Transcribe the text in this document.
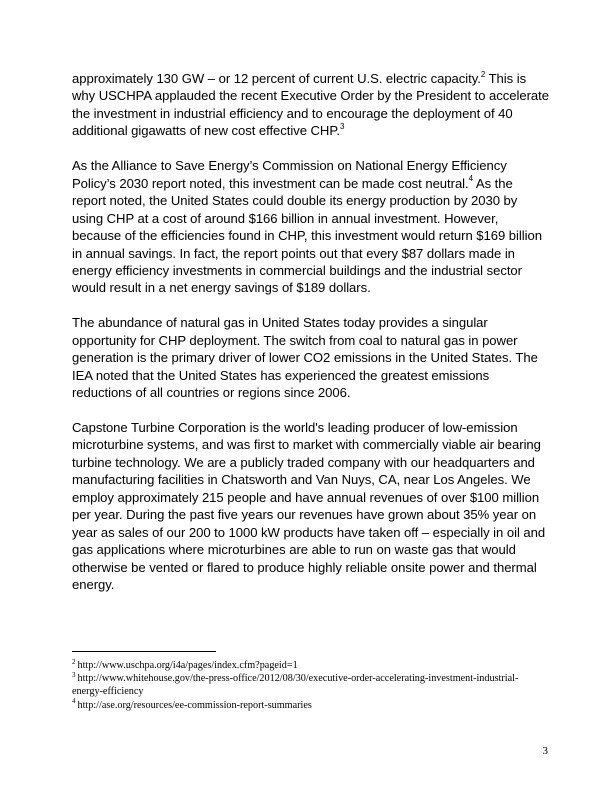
approximately 130 GW – or 12 percent of current U.S. electric capacity.$^2$ This is why USCHPA applauded the recent Executive Order by the President to accelerate the investment in industrial efficiency and to encourage the deployment of 40 additional gigawatts of new cost effective CHP.$^3$

As the Alliance to Save Energy’s Commission on National Energy Efficiency Policy’s 2030 report noted, this investment can be made cost neutral.$^4$ As the report noted, the United States could double its energy production by 2030 by using CHP at a cost of around $166 billion in annual investment. However, because of the efficiencies found in CHP, this investment would return $169 billion in annual savings. In fact, the report points out that every $87 dollars made in energy efficiency investments in commercial buildings and the industrial sector would result in a net energy savings of $189 dollars.

The abundance of natural gas in United States today provides a singular opportunity for CHP deployment. The switch from coal to natural gas in power generation is the primary driver of lower CO2 emissions in the United States. The IEA noted that the United States has experienced the greatest emissions reductions of all countries or regions since 2006.

Capstone Turbine Corporation is the world's leading producer of low-emission microturbine systems, and was first to market with commercially viable air bearing turbine technology. We are a publicly traded company with our headquarters and manufacturing facilities in Chatsworth and Van Nuys, CA, near Los Angeles. We employ approximately 215 people and have annual revenues of over $100 million per year. During the past five years our revenues have grown about 35% year on year as sales of our 200 to 1000 kW products have taken off – especially in oil and gas applications where microturbines are able to run on waste gas that would otherwise be vented or flared to produce highly reliable onsite power and thermal energy.

$^2$ http://www.uschpa.org/i4a/pages/index.cfm?pageid=1

$^3$ http://www.whitehouse.gov/the-press-office/2012/08/30/executive-order-accelerating-investment-industrial-energy-efficiency

$^4$ http://ase.org/resources/ee-commission-report-summaries

3
